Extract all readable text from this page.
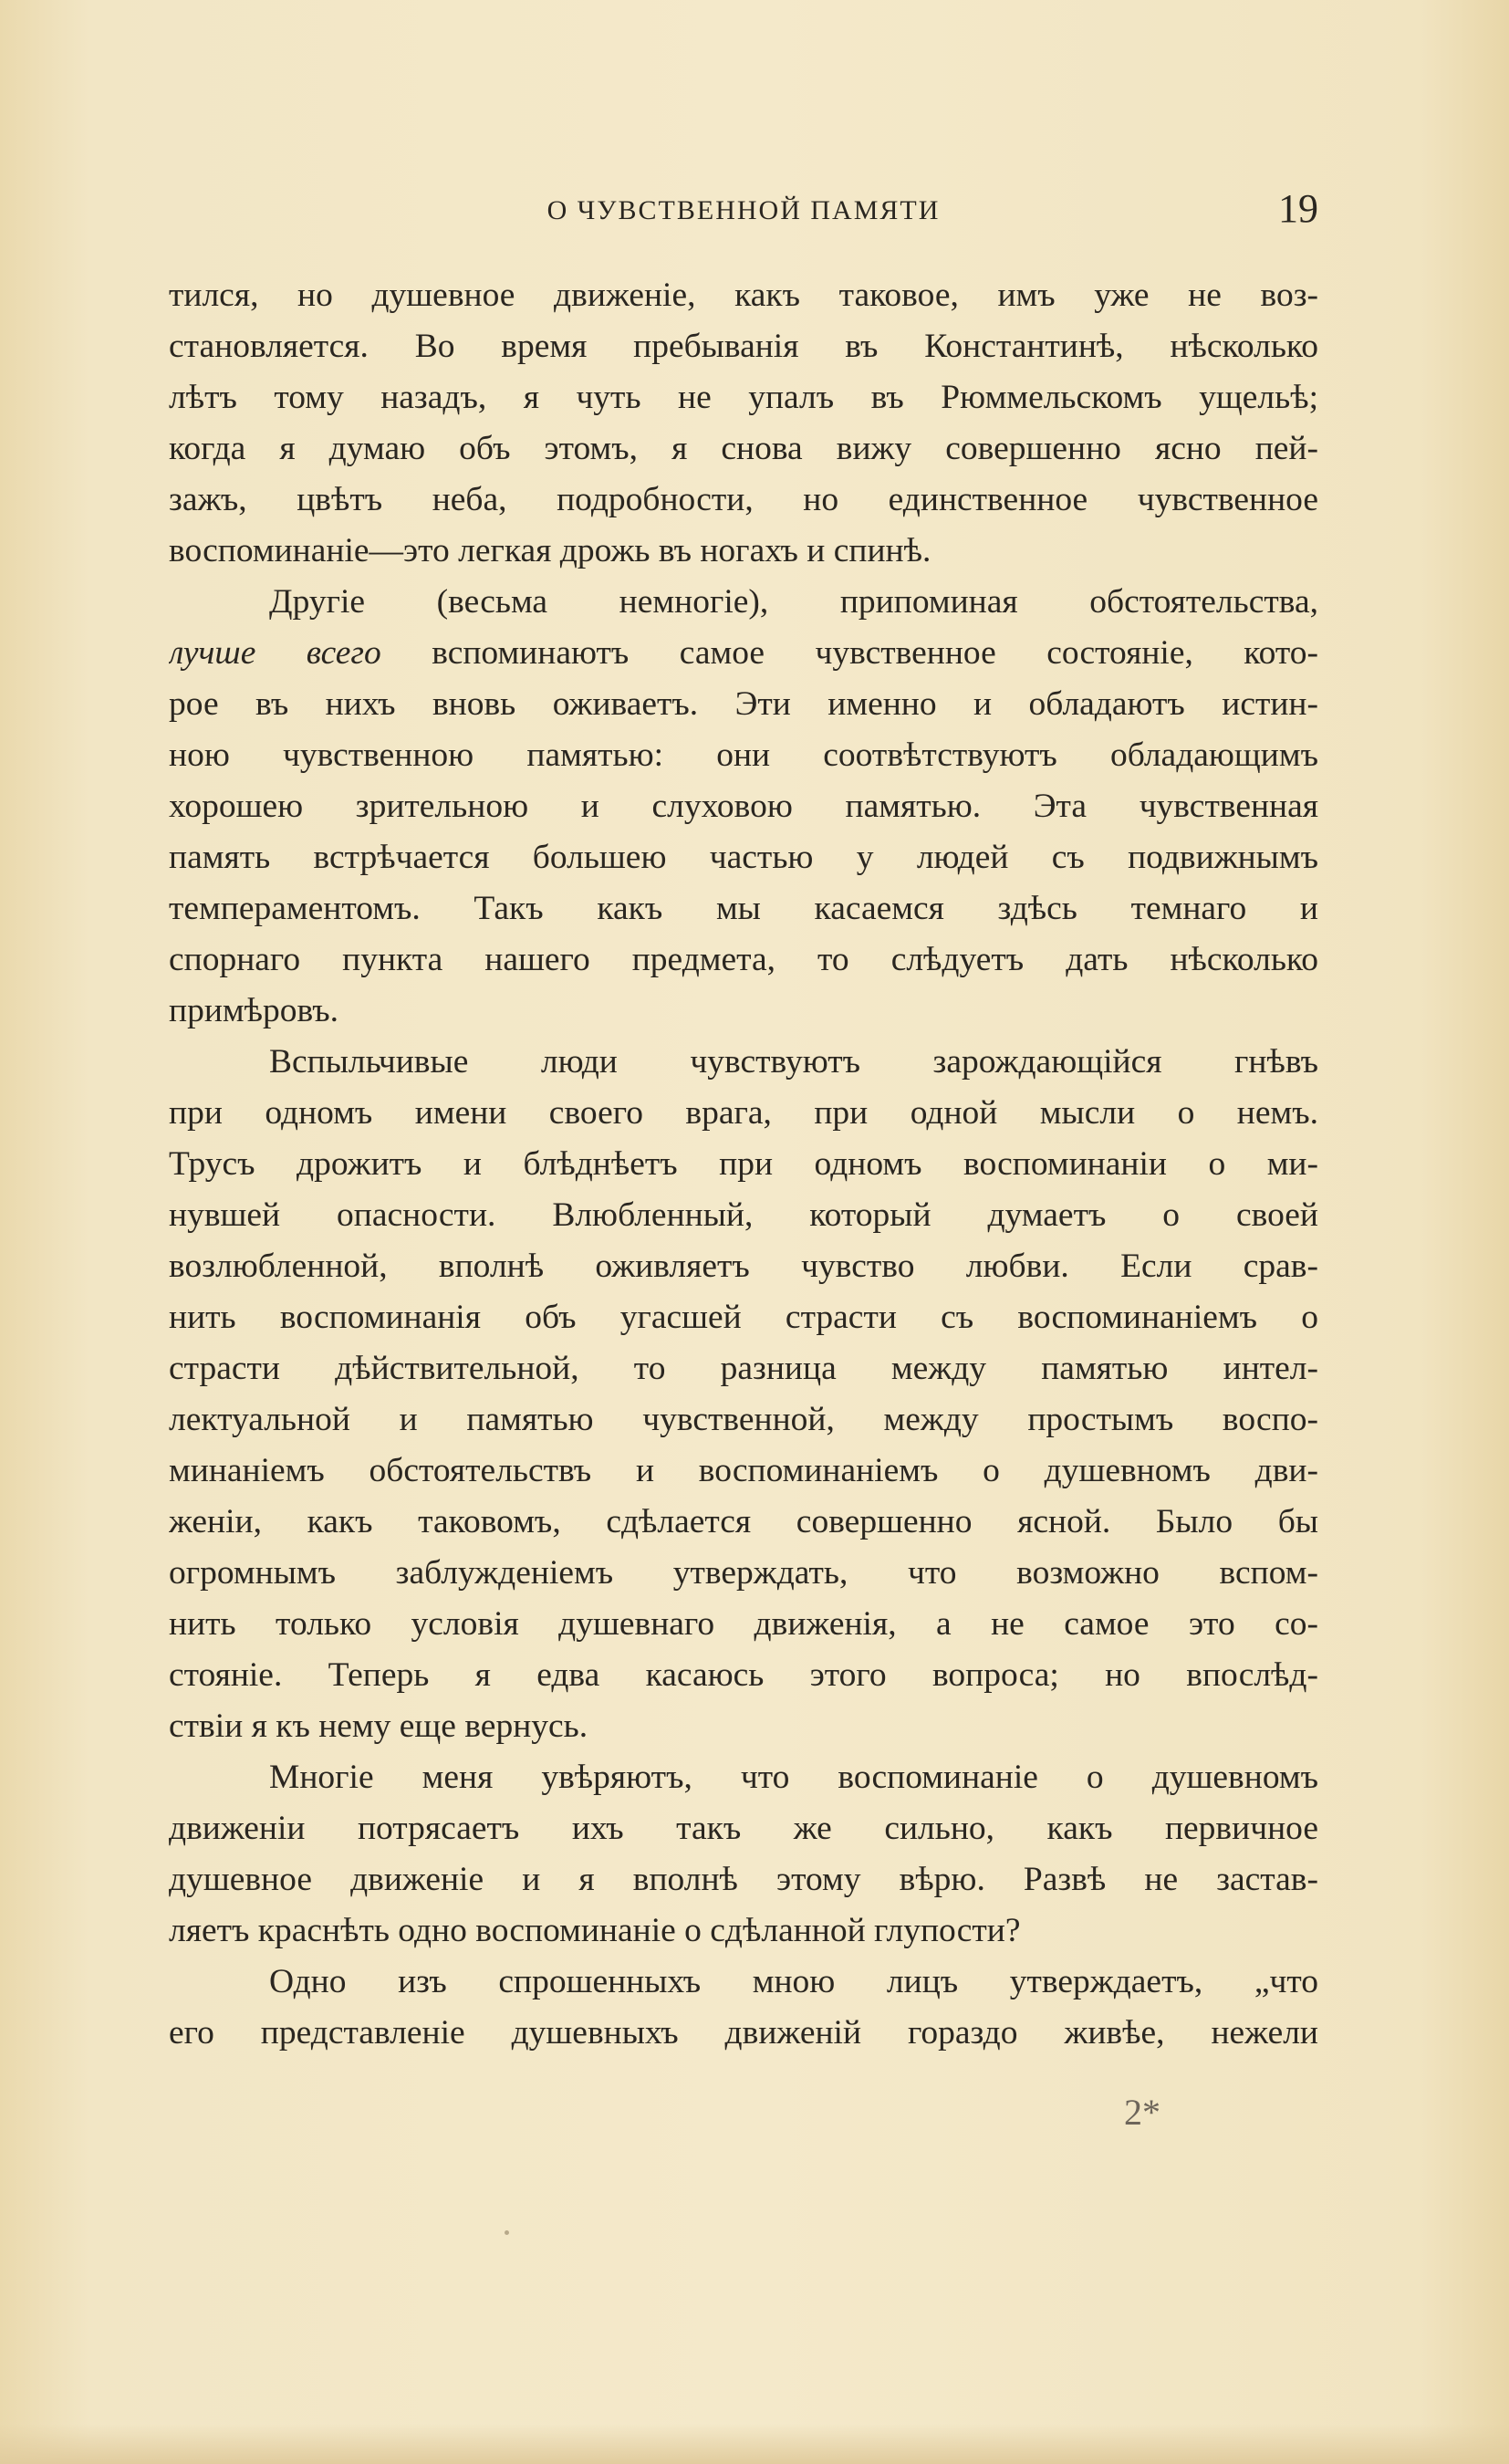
О ЧУВСТВЕННОЙ ПАМЯТИ	19
тился, но душевное движенiе, какъ таковое, имъ уже не воз-
становляется. Во время пребыванiя въ Константинѣ, нѣсколько
лѣтъ тому назадъ, я чуть не упалъ въ Рюммельскомъ ущельѣ;
когда я думаю объ этомъ, я снова вижу совершенно ясно пей-
зажъ, цвѣтъ неба, подробности, но единственное чувственное
воспоминанiе—это легкая дрожь въ ногахъ и спинѣ.
Другiе (весьма немногiе), припоминая обстоятельства,
лучше всего вспоминаютъ самое чувственное состоянiе, кото-
рое въ нихъ вновь оживаетъ. Эти именно и обладаютъ истин-
ною чувственною памятью: они соотвѣтствуютъ обладающимъ
хорошею зрительною и слуховою памятью. Эта чувственная
память встрѣчается большею частью у людей съ подвижнымъ
темпераментомъ. Такъ какъ мы касаемся здѣсь темнаго и
спорнаго пункта нашего предмета, то слѣдуетъ дать нѣсколько
примѣровъ.
Вспыльчивые люди чувствуютъ зарождающiйся гнѣвъ
при одномъ имени своего врага, при одной мысли о немъ.
Трусъ дрожитъ и блѣднѣетъ при одномъ воспоминанiи о ми-
нувшей опасности. Влюбленный, который думаетъ о своей
возлюбленной, вполнѣ оживляетъ чувство любви. Если срав-
нить воспоминанiя объ угасшей страсти съ воспоминанiемъ о
страсти дѣйствительной, то разница между памятью интел-
лектуальной и памятью чувственной, между простымъ воспо-
минанiемъ обстоятельствъ и воспоминанiемъ о душевномъ дви-
женiи, какъ таковомъ, сдѣлается совершенно ясной. Было бы
огромнымъ заблужденiемъ утверждать, что возможно вспом-
нить только условiя душевнаго движенiя, а не самое это со-
стоянiе. Теперь я едва касаюсь этого вопроса; но впослѣд-
ствiи я къ нему еще вернусь.
Многiе меня увѣряютъ, что воспоминанiе о душевномъ
движенiи потрясаетъ ихъ такъ же сильно, какъ первичное
душевное движенiе и я вполнѣ этому вѣрю. Развѣ не застав-
ляетъ краснѣть одно воспоминанiе о сдѣланной глупости?
Одно изъ спрошенныхъ мною лицъ утверждаетъ, „что
его представленiе душевныхъ движенiй гораздо живѣе, нежели
2*
